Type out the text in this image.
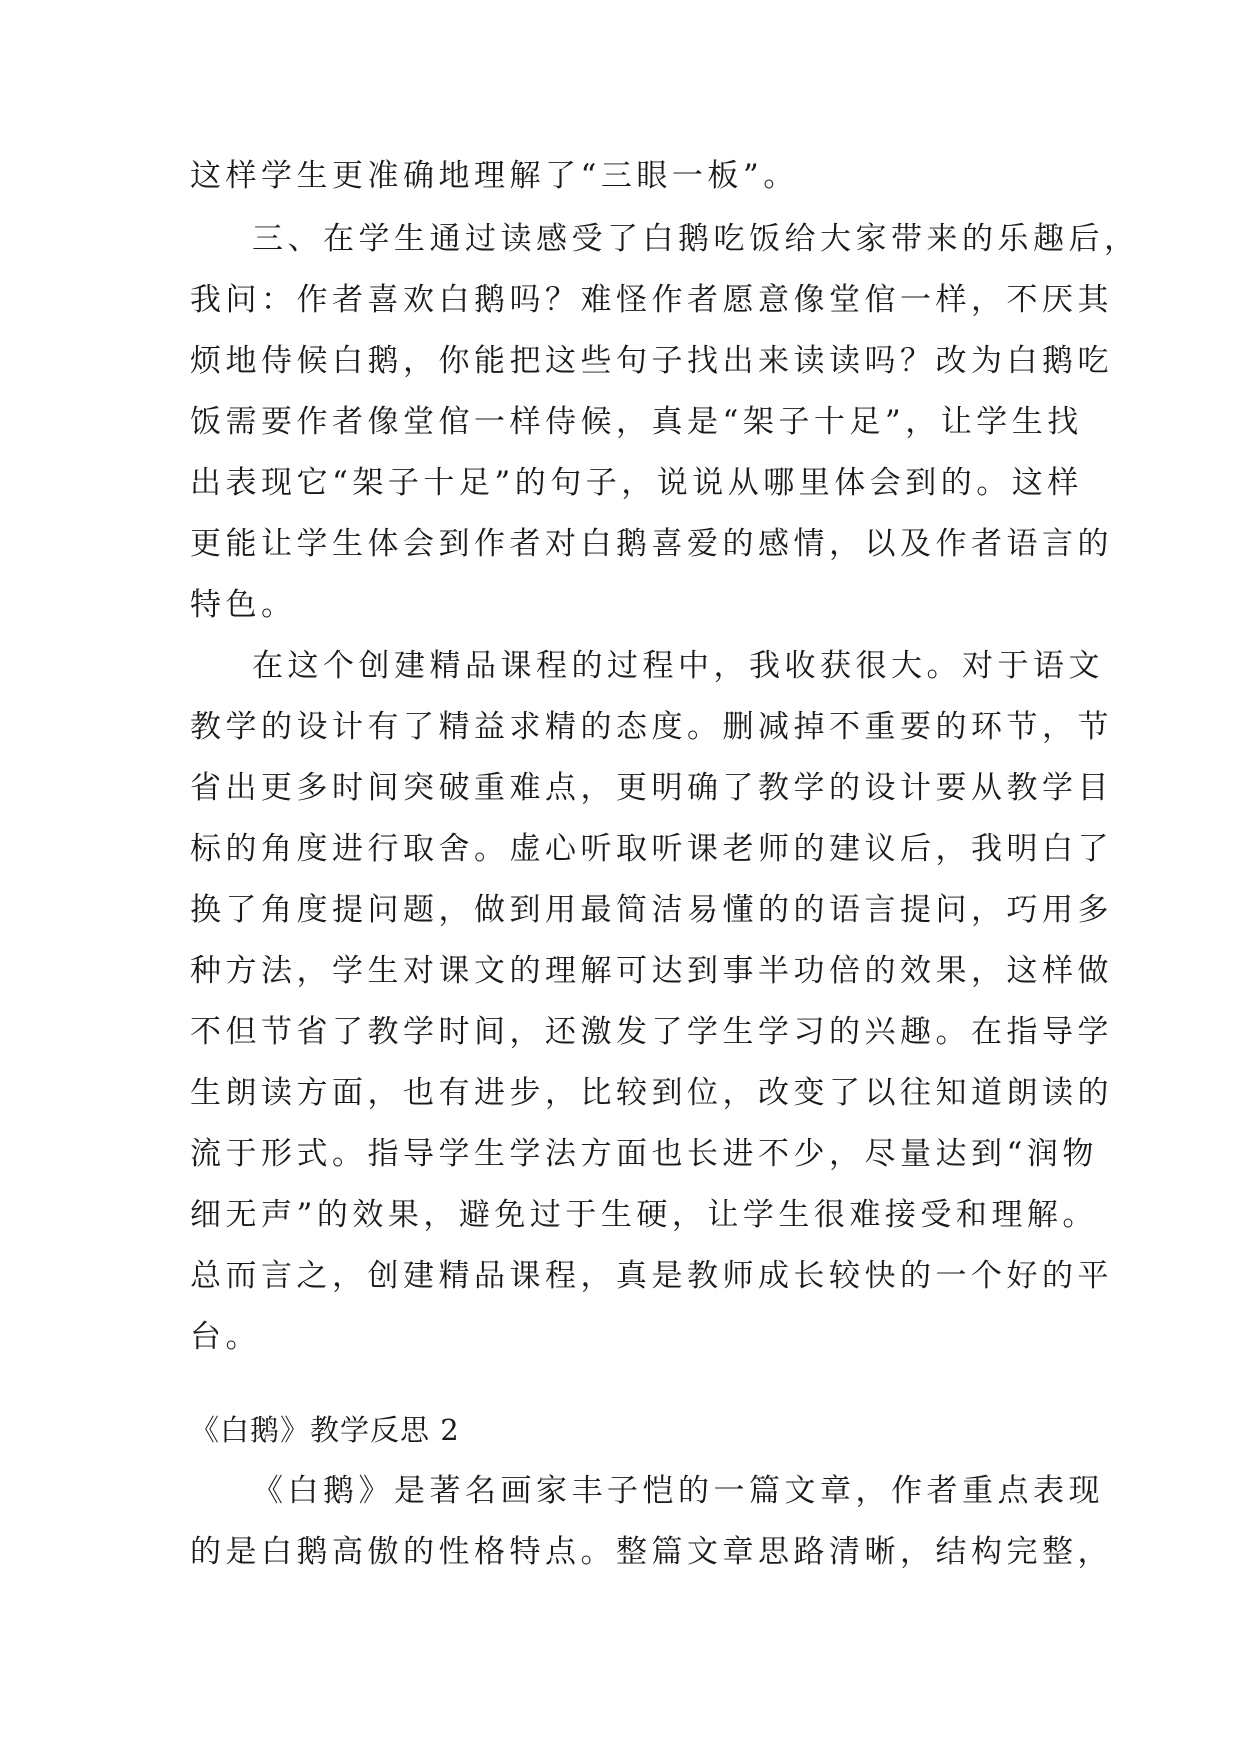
这样学生更准确地理解了“三眼一板”。
三、在学生通过读感受了白鹅吃饭给大家带来的乐趣后，
我问：作者喜欢白鹅吗？难怪作者愿意像堂倌一样，不厌其
烦地侍候白鹅，你能把这些句子找出来读读吗？改为白鹅吃
饭需要作者像堂倌一样侍候，真是“架子十足”，让学生找
出表现它“架子十足”的句子，说说从哪里体会到的。这样
更能让学生体会到作者对白鹅喜爱的感情，以及作者语言的
特色。
在这个创建精品课程的过程中，我收获很大。对于语文
教学的设计有了精益求精的态度。删减掉不重要的环节，节
省出更多时间突破重难点，更明确了教学的设计要从教学目
标的角度进行取舍。虚心听取听课老师的建议后，我明白了
换了角度提问题，做到用最简洁易懂的的语言提问，巧用多
种方法，学生对课文的理解可达到事半功倍的效果，这样做
不但节省了教学时间，还激发了学生学习的兴趣。在指导学
生朗读方面，也有进步，比较到位，改变了以往知道朗读的
流于形式。指导学生学法方面也长进不少，尽量达到“润物
细无声”的效果，避免过于生硬，让学生很难接受和理解。
总而言之，创建精品课程，真是教师成长较快的一个好的平
台。
《白鹅》教学反思 2
《白鹅》是著名画家丰子恺的一篇文章，作者重点表现
的是白鹅高傲的性格特点。整篇文章思路清晰，结构完整，
